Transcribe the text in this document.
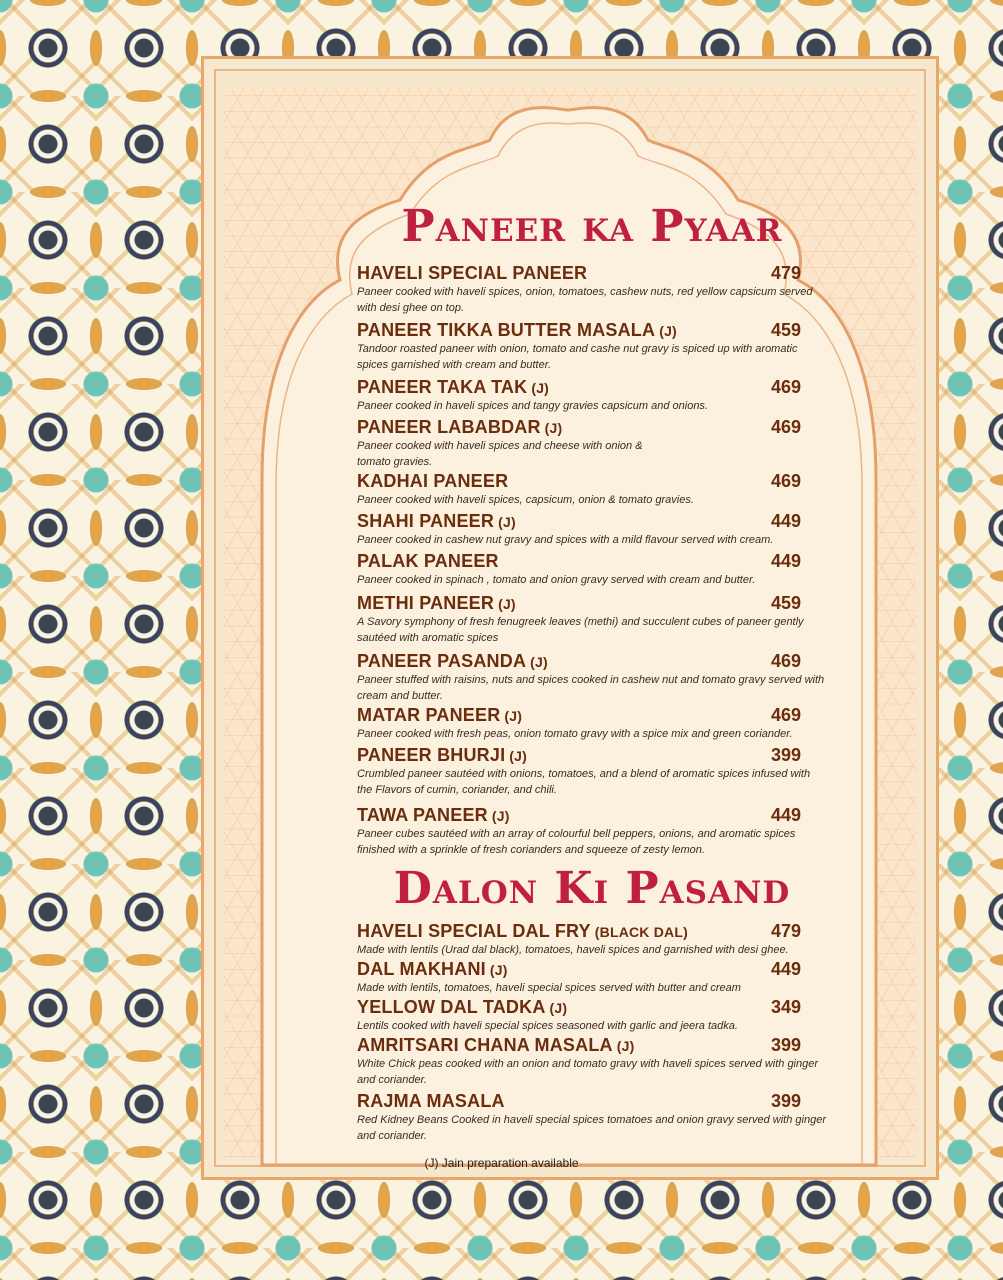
Paneer ka Pyaar
HAVELI SPECIAL PANEER	479

Paneer cooked with haveli spices, onion, tomatoes, cashew nuts, red yellow capsicum served with desi ghee on top.

PANEER TIKKA BUTTER MASALA (J)	459

Tandoor roasted paneer with onion, tomato and cashe nut gravy is spiced up with aromatic spices garnished with cream and butter.

PANEER TAKA TAK (J)	469

Paneer cooked in haveli spices and tangy gravies capsicum and onions.

PANEER LABABDAR (J)	469

Paneer cooked with haveli spices and cheese with onion & tomato gravies.

KADHAI PANEER	469

Paneer cooked with haveli spices, capsicum, onion & tomato gravies.

SHAHI PANEER (J)	449

Paneer cooked in cashew nut gravy and spices with a mild flavour served with cream.

PALAK PANEER	449

Paneer cooked in spinach , tomato and onion gravy served with cream and butter.

METHI PANEER (J)	459

A Savory symphony of fresh fenugreek leaves (methi) and succulent cubes of paneer gently sautéed with aromatic spices

PANEER PASANDA (J)	469

Paneer stuffed with raisins, nuts and spices cooked in cashew nut and tomato gravy served with cream and butter.

MATAR PANEER (J)	469

Paneer cooked with fresh peas, onion tomato gravy with a spice mix and green coriander.

PANEER BHURJI (J)	399

Crumbled paneer sautéed with onions, tomatoes, and a blend of aromatic spices infused with the Flavors of cumin, coriander, and chili.

TAWA PANEER (J)	449

Paneer cubes sautéed with an array of colourful bell peppers, onions, and aromatic spices finished with a sprinkle of fresh corianders and squeeze of zesty lemon.

Dalon Ki Pasand
HAVELI SPECIAL DAL FRY (BLACK DAL)	479

Made with lentils (Urad dal black), tomatoes, haveli spices and garnished with desi ghee.

DAL MAKHANI (J)	449

Made with lentils, tomatoes, haveli special spices served with butter and cream

YELLOW DAL TADKA (J)	349

Lentils cooked with haveli special spices seasoned with garlic and jeera tadka.

AMRITSARI CHANA MASALA (J)	399

White Chick peas cooked with an onion and tomato gravy with haveli spices served with ginger and coriander.

RAJMA MASALA	399

Red Kidney Beans Cooked in haveli special spices tomatoes and onion gravy served with ginger and coriander.

(J) Jain preparation available
